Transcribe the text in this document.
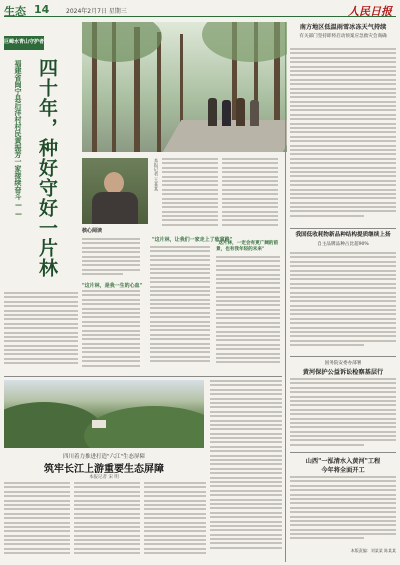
生态 14	2024年2月7日 星期三	人民日报
巨嶂水青山守护者
福建省闽宁县后洋村村民黄振芳一家接续奋斗—— 四十年，种好守好一片林	核心阅读
本报记者 王某某
"这片林，是我一生的心血"
"这片林，让我们一家走上了致富路"
"这片林，一定会有更广阔的前景，也有我年轻的未来"
四川着力推进打造"六江"生态屏障
筑牢长江上游重要生态屏障
本报记者 宋 明
南方地区低温雨雪冰冻天气持续
有关部门坚持即将启动预案应急救灾会商确
我国低收耗物新品种结构提质继续上扬
自主品牌品种占比超90%
国务院安委办部署
黄河保护公益诉讼检察基层行
山西"一泓清水入黄河"工程
今年将全面开工
本版责编：刘某某 陈某某
